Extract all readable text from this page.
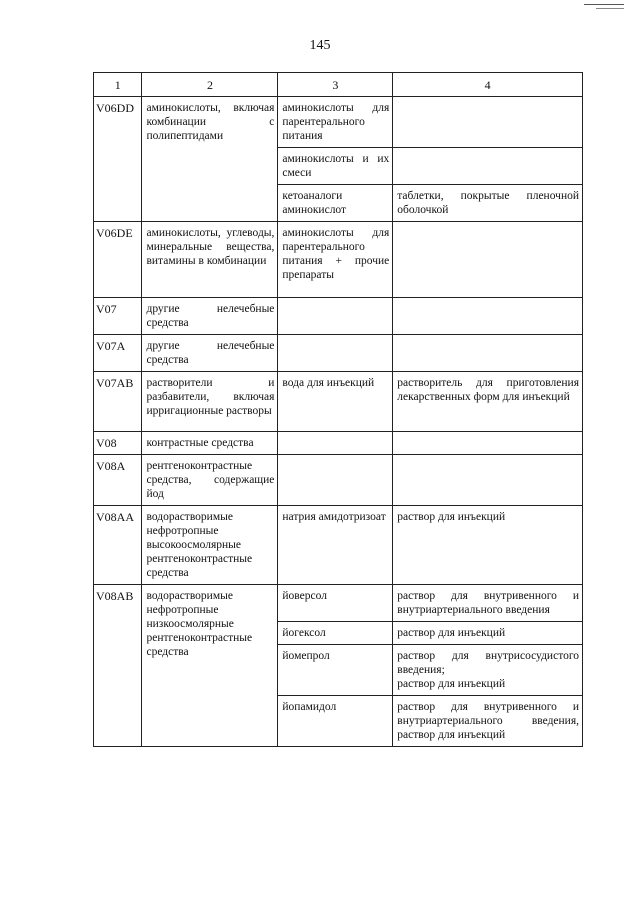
145
1	2	3	4
V06DD	аминокислоты, включая комбинации с полипептидами	аминокислоты для парентерального питания	
		аминокислоты и их смеси	
		кетоаналоги аминокислот	таблетки, покрытые пленочной оболочкой
V06DE	аминокислоты, углеводы, минеральные вещества, витамины в комбинации	аминокислоты для парентерального питания + прочие препараты	
V07	другие нелечебные средства		
V07A	другие нелечебные средства		
V07AB	растворители и разбавители, включая ирригационные растворы	вода для инъекций	растворитель для приготовления лекарственных форм для инъекций
V08	контрастные средства		
V08A	рентгеноконтрастные средства, содержащие йод		
V08AA	водорастворимые нефротропные высокоосмолярные рентгеноконтрастные средства	натрия амидотризоат	раствор для инъекций
V08AB	водорастворимые нефротропные низкоосмолярные рентгеноконтрастные средства	йоверсол	раствор для внутривенного и внутриартериального введения
		йогексол	раствор для инъекций
		йомепрол	раствор для внутрисосудистого введения;
раствор для инъекций
		йопамидол	раствор для внутривенного и внутриартериального введения, раствор для инъекций
